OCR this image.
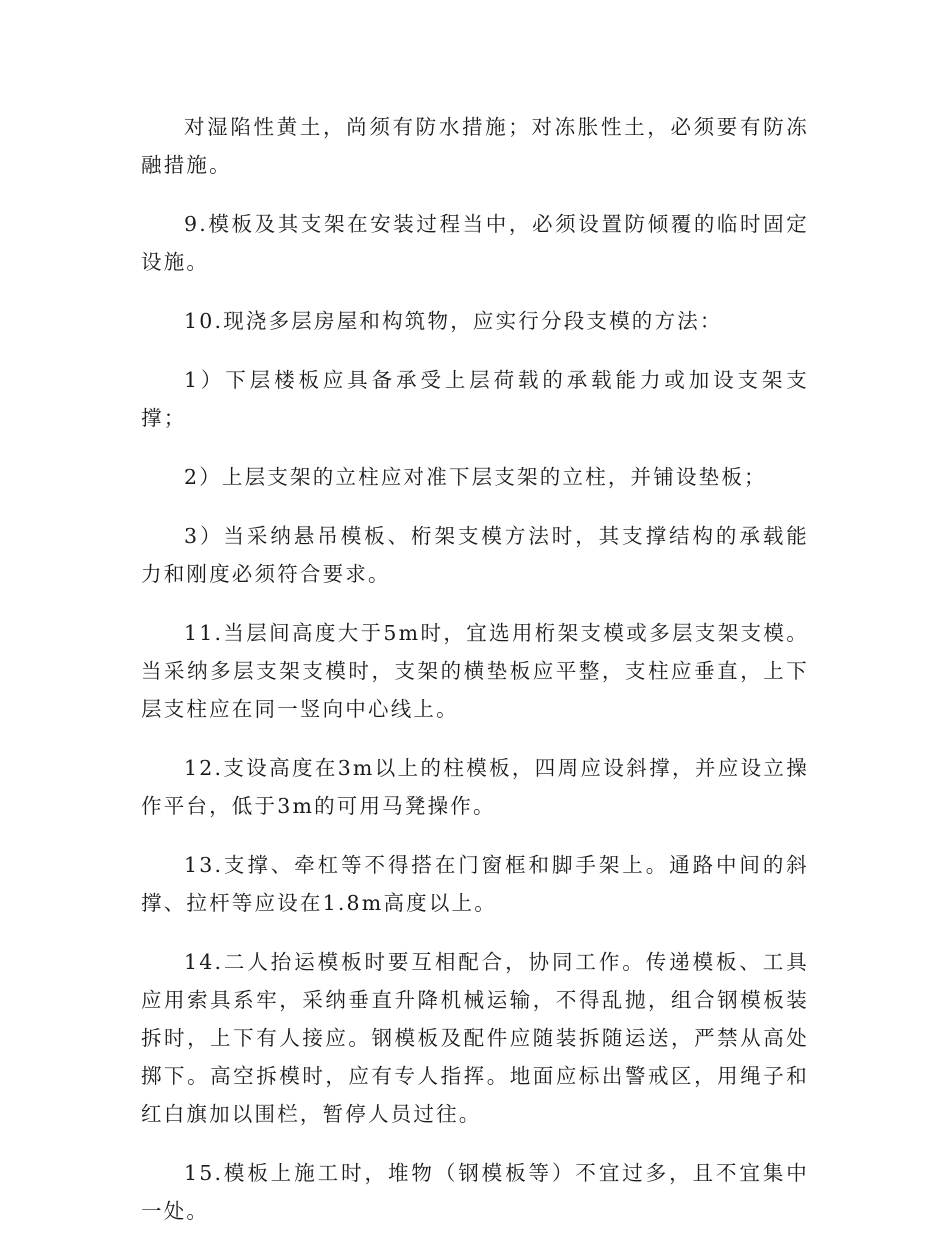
对湿陷性黄土，尚须有防水措施；对冻胀性土，必须要有防冻融措施。

9.模板及其支架在安装过程当中，必须设置防倾覆的临时固定设施。

10.现浇多层房屋和构筑物，应实行分段支模的方法：

1）下层楼板应具备承受上层荷载的承载能力或加设支架支撑；

2）上层支架的立柱应对准下层支架的立柱，并铺设垫板；

3）当采纳悬吊模板、桁架支模方法时，其支撑结构的承载能力和刚度必须符合要求。

11.当层间高度大于5m时，宜选用桁架支模或多层支架支模。当采纳多层支架支模时，支架的横垫板应平整，支柱应垂直，上下层支柱应在同一竖向中心线上。

12.支设高度在3m以上的柱模板，四周应设斜撑，并应设立操作平台，低于3m的可用马凳操作。

13.支撑、牵杠等不得搭在门窗框和脚手架上。通路中间的斜撑、拉杆等应设在1.8m高度以上。

14.二人抬运模板时要互相配合，协同工作。传递模板、工具应用索具系牢，采纳垂直升降机械运输，不得乱抛，组合钢模板装拆时，上下有人接应。钢模板及配件应随装拆随运送，严禁从高处掷下。高空拆模时，应有专人指挥。地面应标出警戒区，用绳子和红白旗加以围栏，暂停人员过往。

15.模板上施工时，堆物（钢模板等）不宜过多，且不宜集中一处。
